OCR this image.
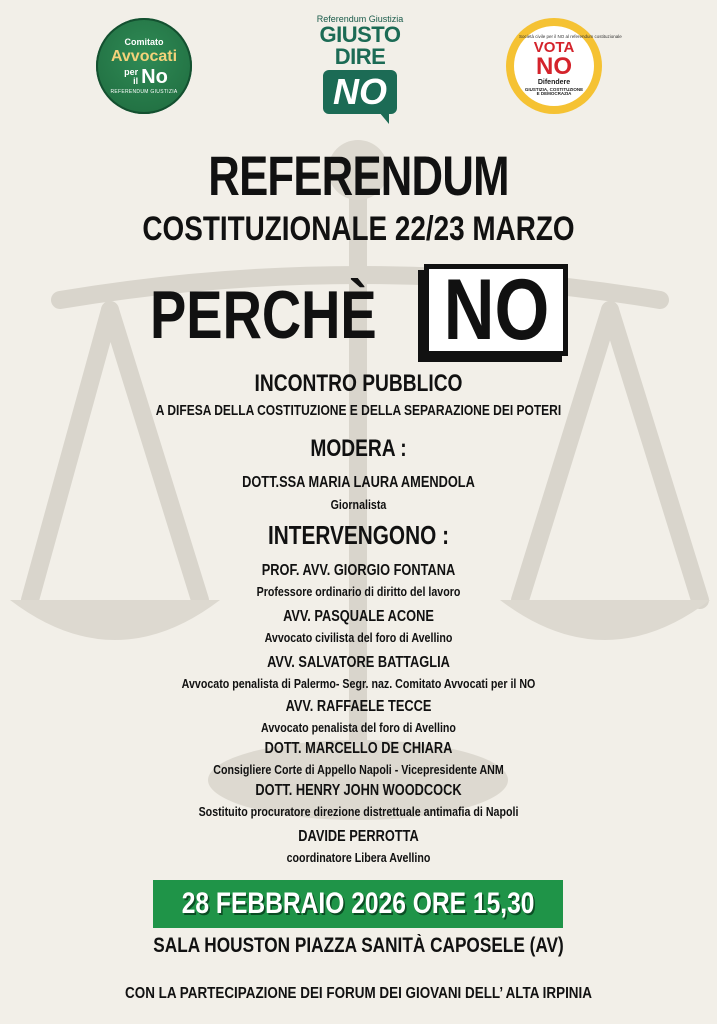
Comitato
Avvocati
per il No
REFERENDUM GIUSTIZIA
Referendum Giustizia
GIUSTO
DIRE
NO
Società civile per il NO al referendum costituzionale
VOTA
NO
Difendere
GIUSTIZIA, COSTITUZIONE E DEMOCRAZIA
REFERENDUM
COSTITUZIONALE 22/23 MARZO
PERCHÈ NO
INCONTRO PUBBLICO
A DIFESA DELLA COSTITUZIONE E DELLA SEPARAZIONE DEI POTERI
MODERA :
DOTT.SSA MARIA LAURA AMENDOLA
Giornalista
INTERVENGONO :
PROF. AVV. GIORGIO FONTANA
Professore ordinario di diritto del lavoro
AVV. PASQUALE ACONE
Avvocato civilista del foro di Avellino
AVV. SALVATORE BATTAGLIA
Avvocato penalista di Palermo- Segr. naz. Comitato Avvocati per il NO
AVV. RAFFAELE TECCE
Avvocato penalista del foro di Avellino
DOTT. MARCELLO DE CHIARA
Consigliere Corte di Appello Napoli - Vicepresidente ANM
DOTT. HENRY JOHN WOODCOCK
Sostituito procuratore direzione distrettuale antimafia di Napoli
DAVIDE PERROTTA
coordinatore Libera Avellino
28 FEBBRAIO 2026 ORE 15,30
SALA HOUSTON PIAZZA SANITÀ CAPOSELE (AV)
CON LA PARTECIPAZIONE DEI FORUM DEI GIOVANI DELL’ ALTA IRPINIA
